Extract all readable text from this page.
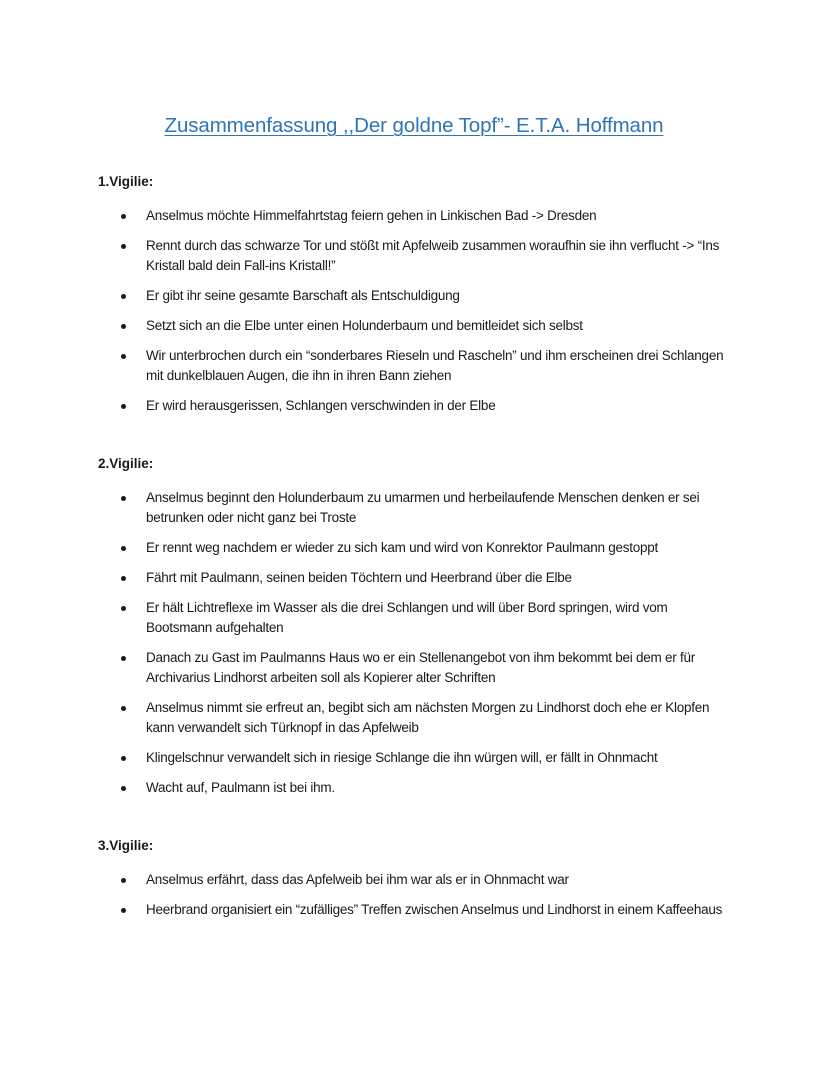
Zusammenfassung ,,Der goldne Topf”- E.T.A. Hoffmann
1.Vigilie:
Anselmus möchte Himmelfahrtstag feiern gehen in Linkischen Bad -> Dresden
Rennt durch das schwarze Tor und stößt mit Apfelweib zusammen woraufhin sie ihn verflucht -> “Ins Kristall bald dein Fall-ins Kristall!”
Er gibt ihr seine gesamte Barschaft als Entschuldigung
Setzt sich an die Elbe unter einen Holunderbaum und bemitleidet sich selbst
Wir unterbrochen durch ein “sonderbares Rieseln und Rascheln” und ihm erscheinen drei Schlangen mit dunkelblauen Augen, die ihn in ihren Bann ziehen
Er wird herausgerissen, Schlangen verschwinden in der Elbe
2.Vigilie:
Anselmus beginnt den Holunderbaum zu umarmen und herbeilaufende Menschen denken er sei betrunken oder nicht ganz bei Troste
Er rennt weg nachdem er wieder zu sich kam und wird von Konrektor Paulmann gestoppt
Fährt mit Paulmann, seinen beiden Töchtern und Heerbrand über die Elbe
Er hält Lichtreflexe im Wasser als die drei Schlangen und will über Bord springen, wird vom Bootsmann aufgehalten
Danach zu Gast im Paulmanns Haus wo er ein Stellenangebot von ihm bekommt bei dem er für Archivarius Lindhorst arbeiten soll als Kopierer alter Schriften
Anselmus nimmt sie erfreut an, begibt sich am nächsten Morgen zu Lindhorst doch ehe er Klopfen kann verwandelt sich Türknopf in das Apfelweib
Klingelschnur verwandelt sich in riesige Schlange die ihn würgen will, er fällt in Ohnmacht
Wacht auf, Paulmann ist bei ihm.
3.Vigilie:
Anselmus erfährt, dass das Apfelweib bei ihm war als er in Ohnmacht war
Heerbrand organisiert ein “zufälliges” Treffen zwischen Anselmus und Lindhorst in einem Kaffeehaus
